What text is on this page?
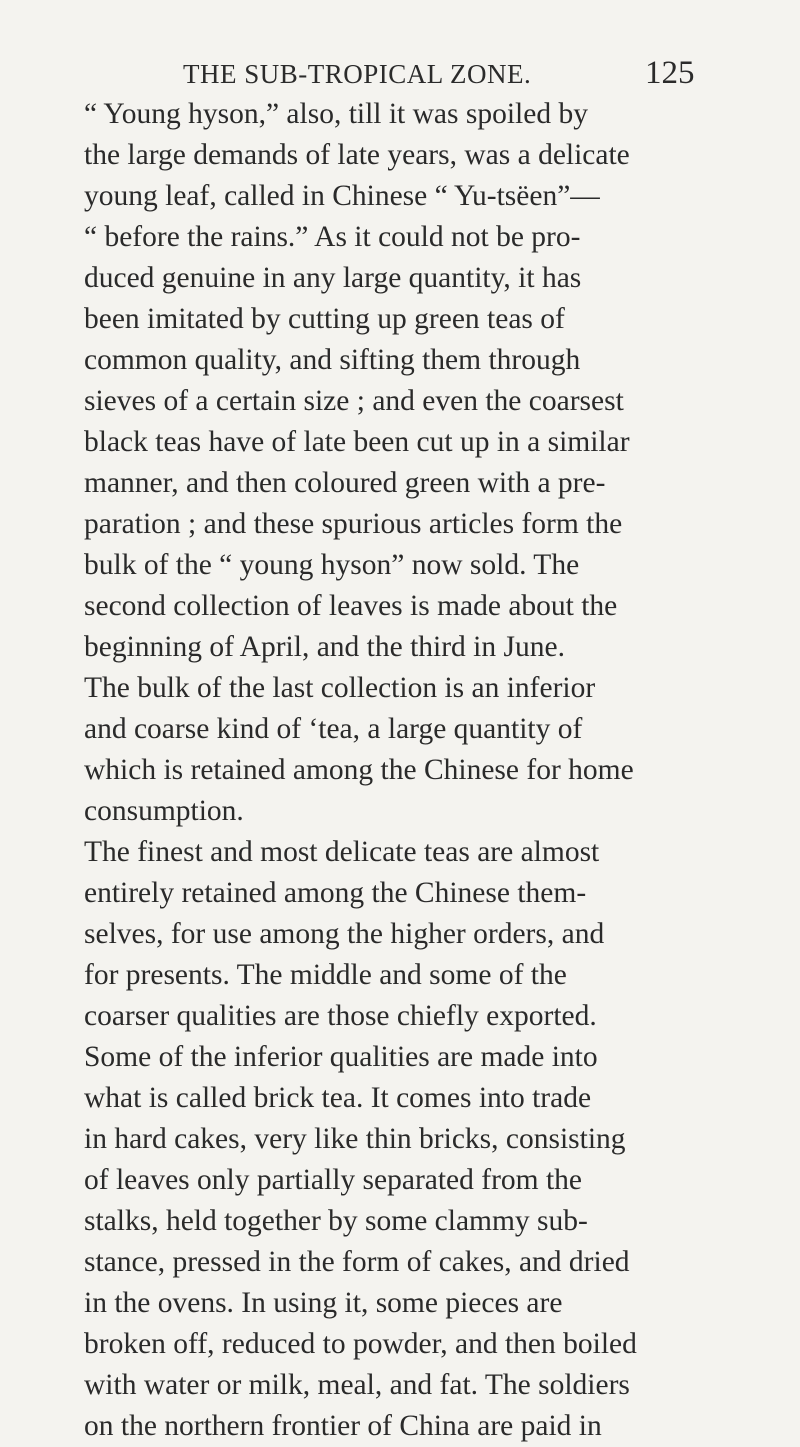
THE SUB-TROPICAL ZONE.	125
“ Young hyson,” also, till it was spoiled by
the large demands of late years, was a delicate
young leaf, called in Chinese “ Yu-tsëen”—
“ before the rains.” As it could not be pro-
duced genuine in any large quantity, it has
been imitated by cutting up green teas of
common quality, and sifting them through
sieves of a certain size ; and even the coarsest
black teas have of late been cut up in a similar
manner, and then coloured green with a pre-
paration ; and these spurious articles form the
bulk of the “ young hyson” now sold. The
second collection of leaves is made about the
beginning of April, and the third in June.
The bulk of the last collection is an inferior
and coarse kind of ‘tea, a large quantity of
which is retained among the Chinese for home
consumption.
The finest and most delicate teas are almost
entirely retained among the Chinese them-
selves, for use among the higher orders, and
for presents. The middle and some of the
coarser qualities are those chiefly exported.
Some of the inferior qualities are made into
what is called brick tea. It comes into trade
in hard cakes, very like thin bricks, consisting
of leaves only partially separated from the
stalks, held together by some clammy sub-
stance, pressed in the form of cakes, and dried
in the ovens. In using it, some pieces are
broken off, reduced to powder, and then boiled
with water or milk, meal, and fat. The soldiers
on the northern frontier of China are paid in
